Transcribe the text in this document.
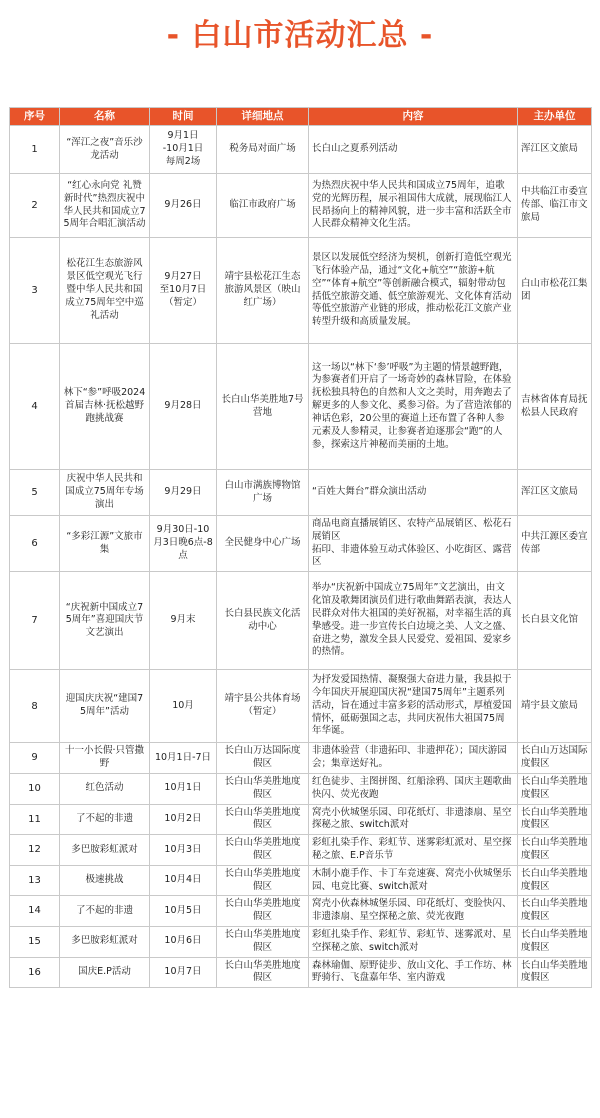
- 白山市活动汇总 -
序号	名称	时间	详细地点	内容	主办单位
1	“浑江之夜”音乐沙龙活动	9月1日
-10月1日
每周2场	税务局对面广场	长白山之夏系列活动	浑江区文旅局
2	“红心永向党 礼赞新时代”热烈庆祝中华人民共和国成立75周年合唱汇演活动	9月26日	临江市政府广场	为热烈庆祝中华人民共和国成立75周年，追歌党的光辉历程，展示祖国伟大成就，展现临江人民昂扬向上的精神风貌，进一步丰富和活跃全市人民群众精神文化生活。	中共临江市委宣传部、临江市文旅局
3	松花江生态旅游风景区低空观光飞行暨中华人民共和国成立75周年空中巡礼活动	9月27日
至10月7日
（暂定）	靖宇县松花江生态旅游风景区（映山红广场）	景区以发展低空经济为契机，创新打造低空观光飞行体验产品，通过“文化+航空”“旅游+航空”“体育+航空”等创新融合模式，辐射带动包括低空旅游交通、低空旅游观光、文化体育活动等低空旅游产业链的形成，推动松花江文旅产业转型升级和高质量发展。	白山市松花江集团
4	林下“参”呼吸2024首届吉林·抚松越野跑挑战赛	9月28日	长白山华美胜地7号营地	这一场以“林下‘参’呼吸”为主题的情景越野跑，为参赛者们开启了一场奇妙的森林冒险，在体验抚松独具特色的自然和人文之美时，用奔跑去了解更多的人参文化、奚参习俗。为了营造浓郁的神话色彩，20公里的赛道上还布置了各种人参元素及人参精灵，让参赛者迫逐那会“跑”的人参，探索这片神秘而美丽的土地。	吉林省体育局抚松县人民政府
5	庆祝中华人民共和国成立75周年专场演出	9月29日	白山市满族博物馆广场	“百姓大舞台”群众演出活动	浑江区文旅局
6	“多彩江源”文旅市集	9月30日-10月3日晚6点-8点	全民健身中心广场	商品电商直播展销区、农特产品展销区、松花石展销区
拓印、非遗体验互动式体验区、小吃街区、露营区	中共江源区委宣传部
7	“庆祝新中国成立75周年”喜迎国庆节文艺演出	9月末	长白县民族文化活动中心	举办“庆祝新中国成立75周年”文艺演出，由文化馆及歌舞团演员们进行歌曲舞蹈表演，表达人民群众对伟大祖国的美好祝福，对幸福生活的真挚感受。进一步宣传长白边境之美、人文之盛、奋进之势，激发全县人民爱党、爱祖国、爱家乡的热情。	长白县文化馆
8	迎国庆庆祝“建国75周年”活动	10月	靖宇县公共体育场（暂定）	为抒发爱国热情、凝聚强大奋进力量，我县拟于今年国庆开展迎国庆祝“建国75周年”主题系列活动，旨在通过丰富多彩的活动形式，厚植爱国情怀，砥砺强国之志，共同庆祝伟大祖国75周年华诞。	靖宇县文旅局
9	十一小长假·只管撒野	10月1日-7日	长白山万达国际度假区	非遗体验营（非遗拓印、非遗押花）；国庆游园会；集章送好礼。	长白山万达国际度假区
10	红色活动	10月1日	长白山华美胜地度假区	红色徒步、主图拼图、红船涂鸦、国庆主题歌曲快闪、荧光夜跑	长白山华美胜地度假区
11	了不起的非遗	10月2日	长白山华美胜地度假区	窝壳小伙城堡乐园、印花纸灯、非遗漆扇、星空探秘之旅、switch派对	长白山华美胜地度假区
12	多巴胺彩虹派对	10月3日	长白山华美胜地度假区	彩虹扎染手作、彩虹节、迷雾彩虹派对、星空探秘之旅、E.P音乐节	长白山华美胜地度假区
13	极速挑战	10月4日	长白山华美胜地度假区	木制小鹿手作、卡丁车竞速赛、窝壳小伙城堡乐园、电竞比赛、switch派对	长白山华美胜地度假区
14	了不起的非遗	10月5日	长白山华美胜地度假区	窝壳小伙森林城堡乐园、印花纸灯、变脸快闪、非遗漆扇、星空探秘之旅、荧光夜跑	长白山华美胜地度假区
15	多巴胺彩虹派对	10月6日	长白山华美胜地度假区	彩虹扎染手作、彩虹节、彩虹节、迷雾派对、星空探秘之旅、switch派对	长白山华美胜地度假区
16	国庆E.P活动	10月7日	长白山华美胜地度假区	森林瑜伽、原野徒步、放山文化、手工作坊、林野骑行、飞盘嘉年华、室内游戏	长白山华美胜地度假区
